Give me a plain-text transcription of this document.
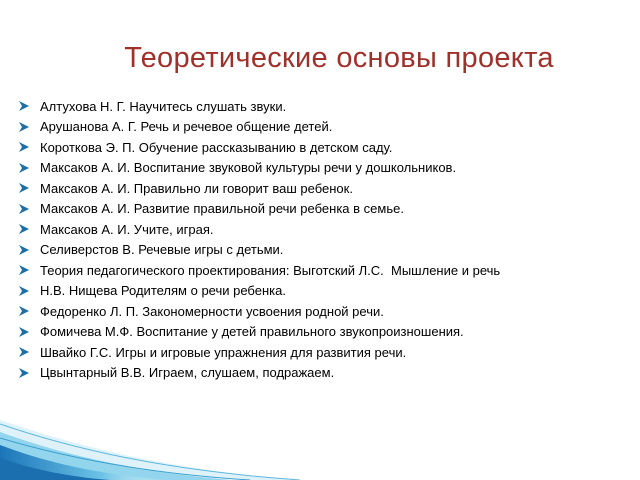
Теоретические основы проекта
Алтухова Н. Г. Научитесь слушать звуки.
Арушанова А. Г. Речь и речевое общение детей.
Короткова Э. П. Обучение рассказыванию в детском саду.
Максаков А. И. Воспитание звуковой культуры речи у дошкольников.
Максаков А. И. Правильно ли говорит ваш ребенок.
Максаков А. И. Развитие правильной речи ребенка в семье.
Максаков А. И. Учите, играя.
Селиверстов В. Речевые игры с детьми.
Теория педагогического проектирования: Выготский Л.С.  Мышление и речь
Н.В. Нищева Родителям о речи ребенка.
Федоренко Л. П. Закономерности усвоения родной речи.
Фомичева М.Ф. Воспитание у детей правильного звукопроизношения.
Швайко Г.С. Игры и игровые упражнения для развития речи.
Цвынтарный В.В. Играем, слушаем, подражаем.
